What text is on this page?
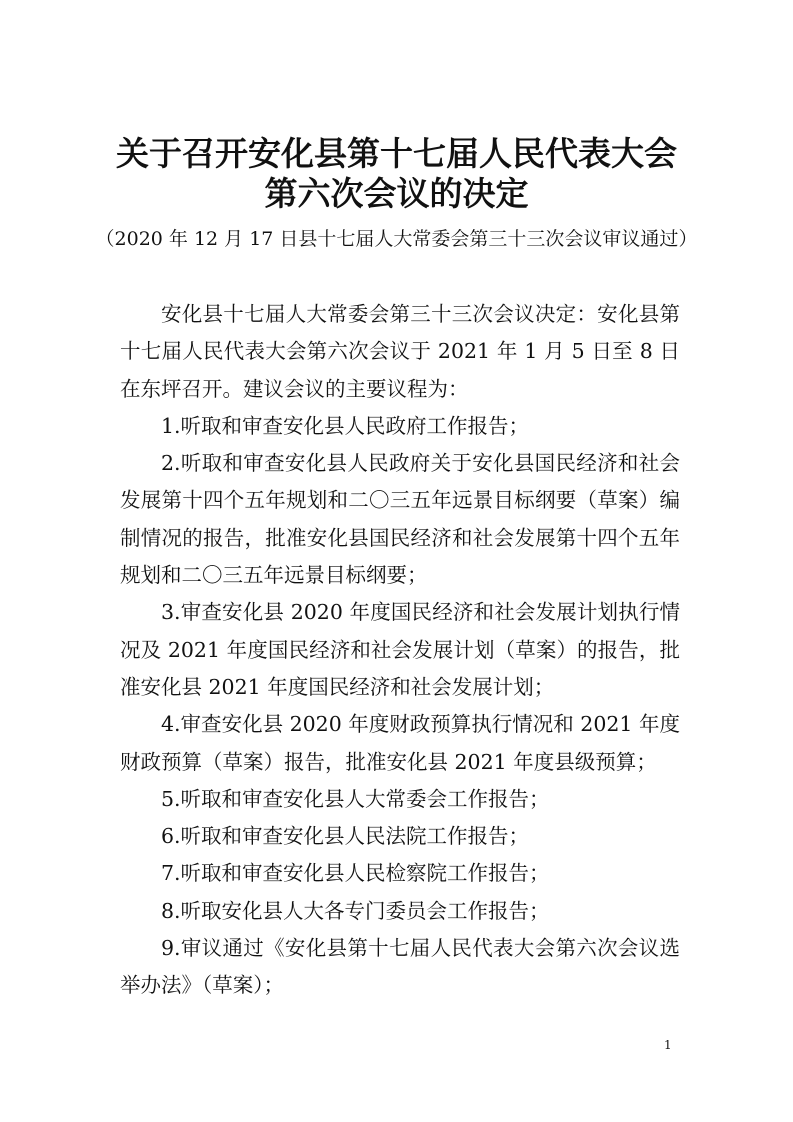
关于召开安化县第十七届人民代表大会
第六次会议的决定
（2020 年 12 月 17 日县十七届人大常委会第三十三次会议审议通过）

安化县十七届人大常委会第三十三次会议决定：安化县第十七届人民代表大会第六次会议于 2021 年 1 月 5 日至 8 日在东坪召开。建议会议的主要议程为：

1.听取和审查安化县人民政府工作报告；

2.听取和审查安化县人民政府关于安化县国民经济和社会发展第十四个五年规划和二〇三五年远景目标纲要（草案）编制情况的报告，批准安化县国民经济和社会发展第十四个五年规划和二〇三五年远景目标纲要；

3.审查安化县 2020 年度国民经济和社会发展计划执行情况及 2021 年度国民经济和社会发展计划（草案）的报告，批准安化县 2021 年度国民经济和社会发展计划；

4.审查安化县 2020 年度财政预算执行情况和 2021 年度财政预算（草案）报告，批准安化县 2021 年度县级预算；

5.听取和审查安化县人大常委会工作报告；

6.听取和审查安化县人民法院工作报告；

7.听取和审查安化县人民检察院工作报告；

8.听取安化县人大各专门委员会工作报告；

9.审议通过《安化县第十七届人民代表大会第六次会议选举办法》（草案）；

1
